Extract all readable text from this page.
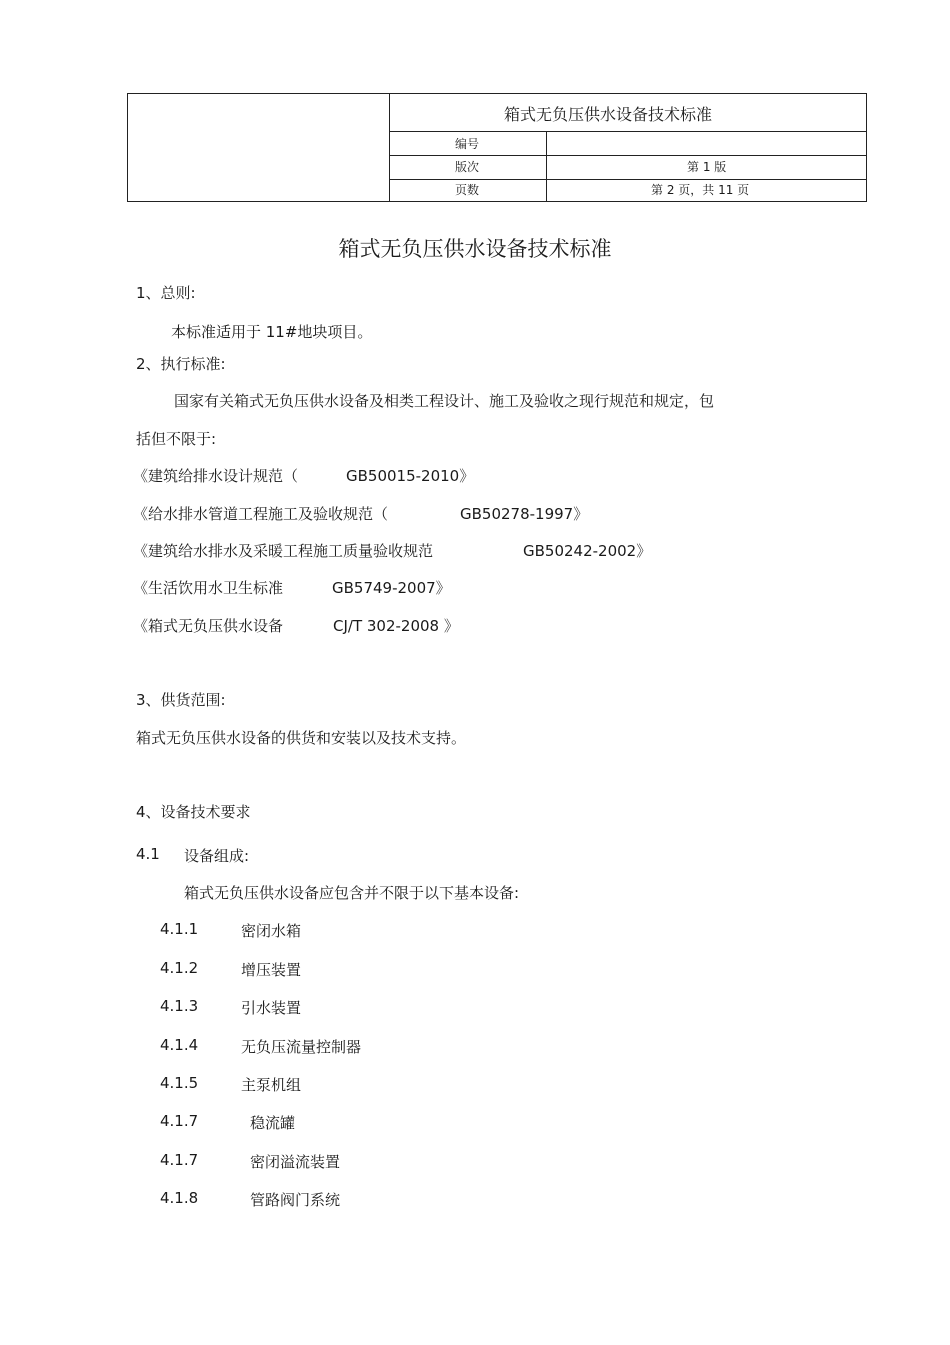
箱式无负压供水设备技术标准
编号
版次	第 1 版
页数	第 2 页，共 11 页
箱式无负压供水设备技术标准
1、总则:
本标准适用于 11#地块项目。
2、执行标准:
国家有关箱式无负压供水设备及相类工程设计、施工及验收之现行规范和规定，包
括但不限于:
《建筑给排水设计规范（	GB50015-2010》
《给水排水管道工程施工及验收规范（	GB50278-1997》
《建筑给水排水及采暖工程施工质量验收规范	GB50242-2002》
《生活饮用水卫生标准	GB5749-2007》
《箱式无负压供水设备	CJ/T 302-2008 》
3、供货范围:
箱式无负压供水设备的供货和安装以及技术支持。
4、设备技术要求
4.1 设备组成:
箱式无负压供水设备应包含并不限于以下基本设备:
4.1.1	密闭水箱
4.1.2	增压装置
4.1.3	引水装置
4.1.4	无负压流量控制器
4.1.5	主泵机组
4.1.7	稳流罐
4.1.7	密闭溢流装置
4.1.8	管路阀门系统
